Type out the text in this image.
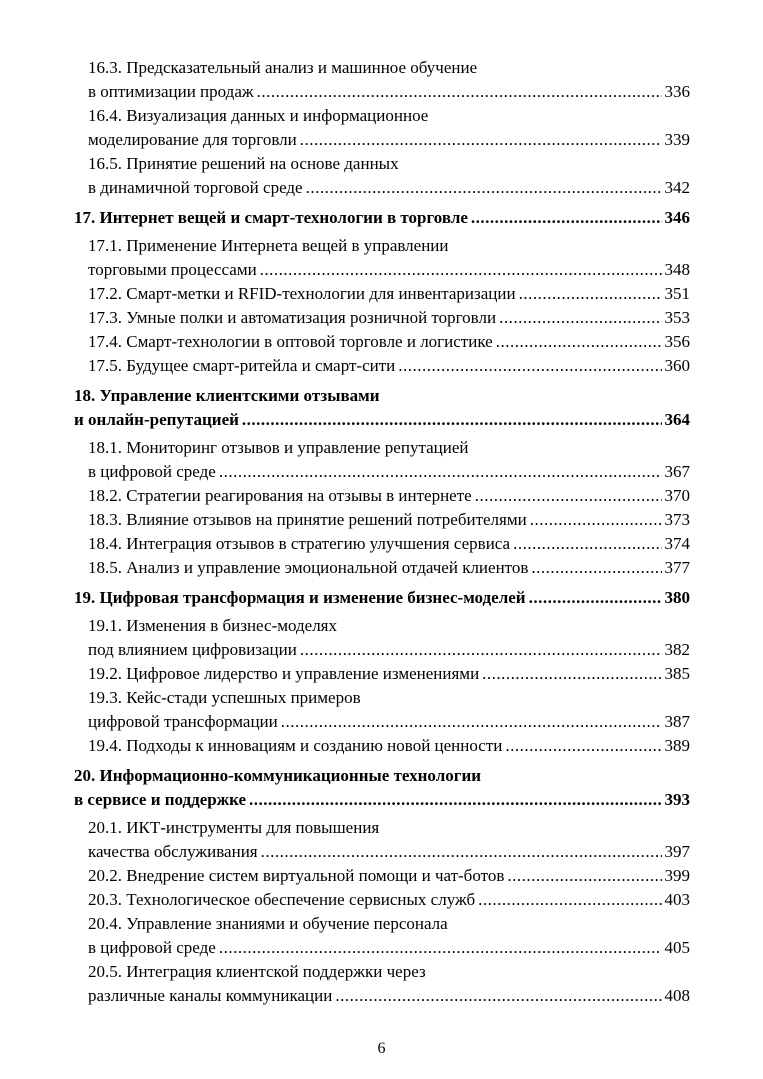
16.3. Предсказательный анализ и машинное обучение
в оптимизации продаж .....	336
16.4. Визуализация данных и информационное
моделирование для торговли .....	339
16.5. Принятие решений на основе данных
в динамичной торговой среде .....	342
17. Интернет вещей и смарт-технологии в торговле .....	346
17.1. Применение Интернета вещей в управлении
торговыми процессами .....	348
17.2. Смарт-метки и RFID-технологии для инвентаризации .....	351
17.3. Умные полки и автоматизация розничной торговли .....	353
17.4. Смарт-технологии в оптовой торговле и логистике .....	356
17.5. Будущее смарт-ритейла и смарт-сити .....	360
18. Управление клиентскими отзывами
и онлайн-репутацией .....	364
18.1. Мониторинг отзывов и управление репутацией
в цифровой среде .....	367
18.2. Стратегии реагирования на отзывы в интернете .....	370
18.3. Влияние отзывов на принятие решений потребителями .....	373
18.4. Интеграция отзывов в стратегию улучшения сервиса .....	374
18.5. Анализ и управление эмоциональной отдачей клиентов .....	377
19. Цифровая трансформация и изменение бизнес-моделей .....	380
19.1. Изменения в бизнес-моделях
под влиянием цифровизации .....	382
19.2. Цифровое лидерство и управление изменениями .....	385
19.3. Кейс-стади успешных примеров
цифровой трансформации .....	387
19.4. Подходы к инновациям и созданию новой ценности .....	389
20. Информационно-коммуникационные технологии
в сервисе и поддержке .....	393
20.1. ИКТ-инструменты для повышения
качества обслуживания .....	397
20.2. Внедрение систем виртуальной помощи и чат-ботов .....	399
20.3. Технологическое обеспечение сервисных служб .....	403
20.4. Управление знаниями и обучение персонала
в цифровой среде .....	405
20.5. Интеграция клиентской поддержки через
различные каналы коммуникации .....	408
6
